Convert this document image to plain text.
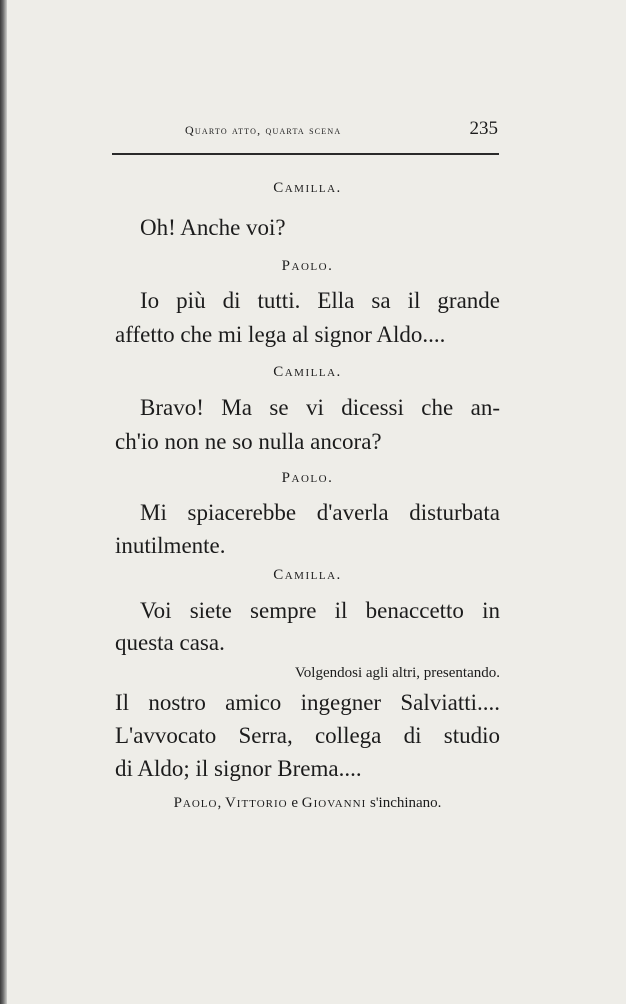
Quarto atto, quarta scena	235
Camilla.
Oh! Anche voi?
Paolo.
Io più di tutti. Ella sa il grande
affetto che mi lega al signor Aldo....
Camilla.
Bravo! Ma se vi dicessi che an-
ch'io non ne so nulla ancora?
Paolo.
Mi spiacerebbe d'averla disturbata
inutilmente.
Camilla.
Voi siete sempre il benaccetto in
questa casa.
Volgendosi agli altri, presentando.
Il nostro amico ingegner Salviatti....
L'avvocato Serra, collega di studio
di Aldo; il signor Brema....
Paolo, Vittorio e Giovanni s'inchinano.
